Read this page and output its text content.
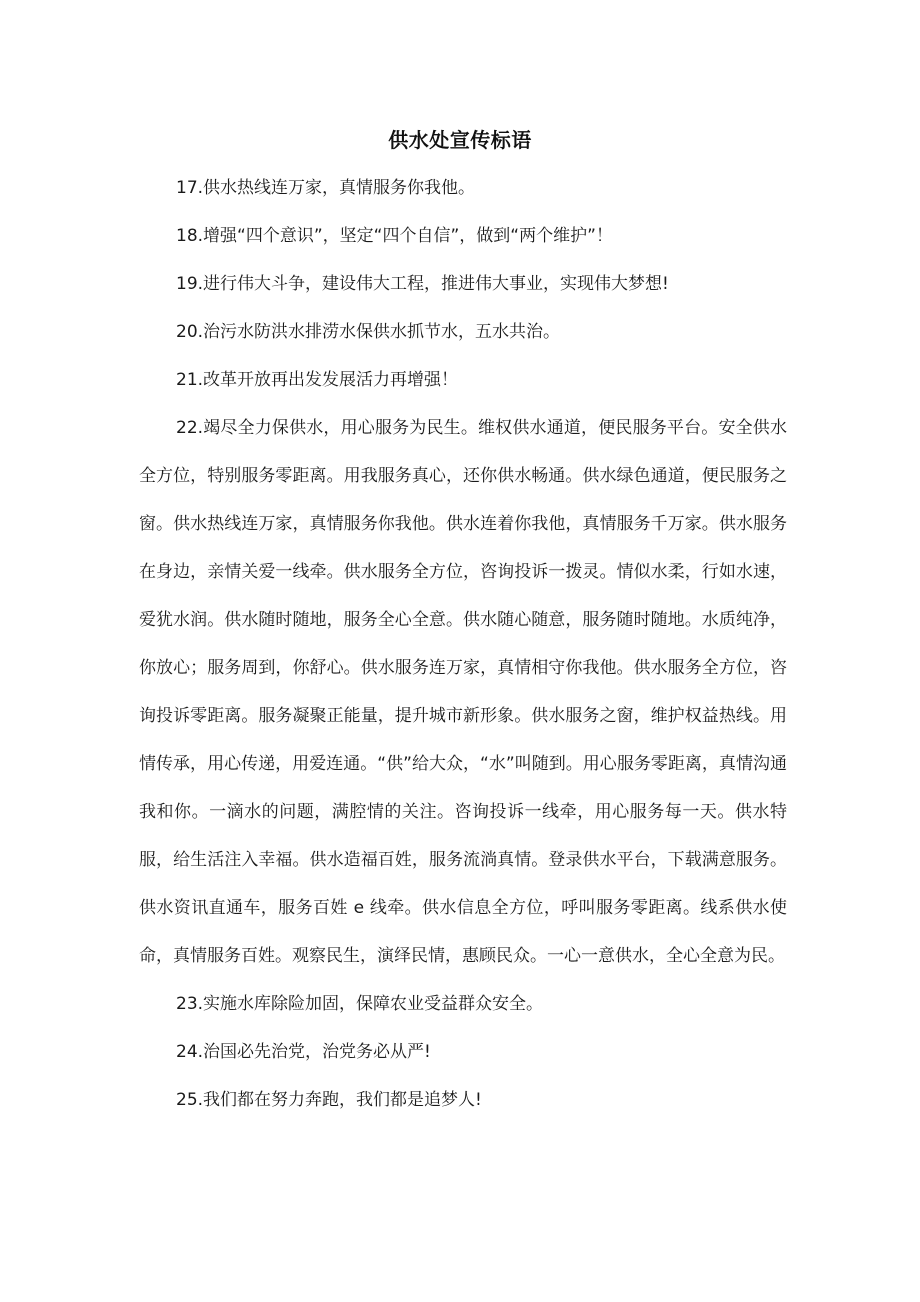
供水处宣传标语

17.供水热线连万家，真情服务你我他。

18.增强“四个意识”，坚定“四个自信”，做到“两个维护”！

19.进行伟大斗争，建设伟大工程，推进伟大事业，实现伟大梦想!

20.治污水防洪水排涝水保供水抓节水，五水共治。

21.改革开放再出发发展活力再增强！

22.竭尽全力保供水，用心服务为民生。维权供水通道，便民服务平台。安全供水全方位，特别服务零距离。用我服务真心，还你供水畅通。供水绿色通道，便民服务之窗。供水热线连万家，真情服务你我他。供水连着你我他，真情服务千万家。供水服务在身边，亲情关爱一线牵。供水服务全方位，咨询投诉一拨灵。情似水柔，行如水速，爱犹水润。供水随时随地，服务全心全意。供水随心随意，服务随时随地。水质纯净，你放心；服务周到，你舒心。供水服务连万家，真情相守你我他。供水服务全方位，咨询投诉零距离。服务凝聚正能量，提升城市新形象。供水服务之窗，维护权益热线。用情传承，用心传递，用爱连通。“供”给大众，“水”叫随到。用心服务零距离，真情沟通我和你。一滴水的问题，满腔情的关注。咨询投诉一线牵，用心服务每一天。供水特服，给生活注入幸福。供水造福百姓，服务流淌真情。登录供水平台，下载满意服务。供水资讯直通车，服务百姓 e 线牵。供水信息全方位，呼叫服务零距离。线系供水使命，真情服务百姓。观察民生，演绎民情，惠顾民众。一心一意供水，全心全意为民。

23.实施水库除险加固，保障农业受益群众安全。

24.治国必先治党，治党务必从严!

25.我们都在努力奔跑，我们都是追梦人!
